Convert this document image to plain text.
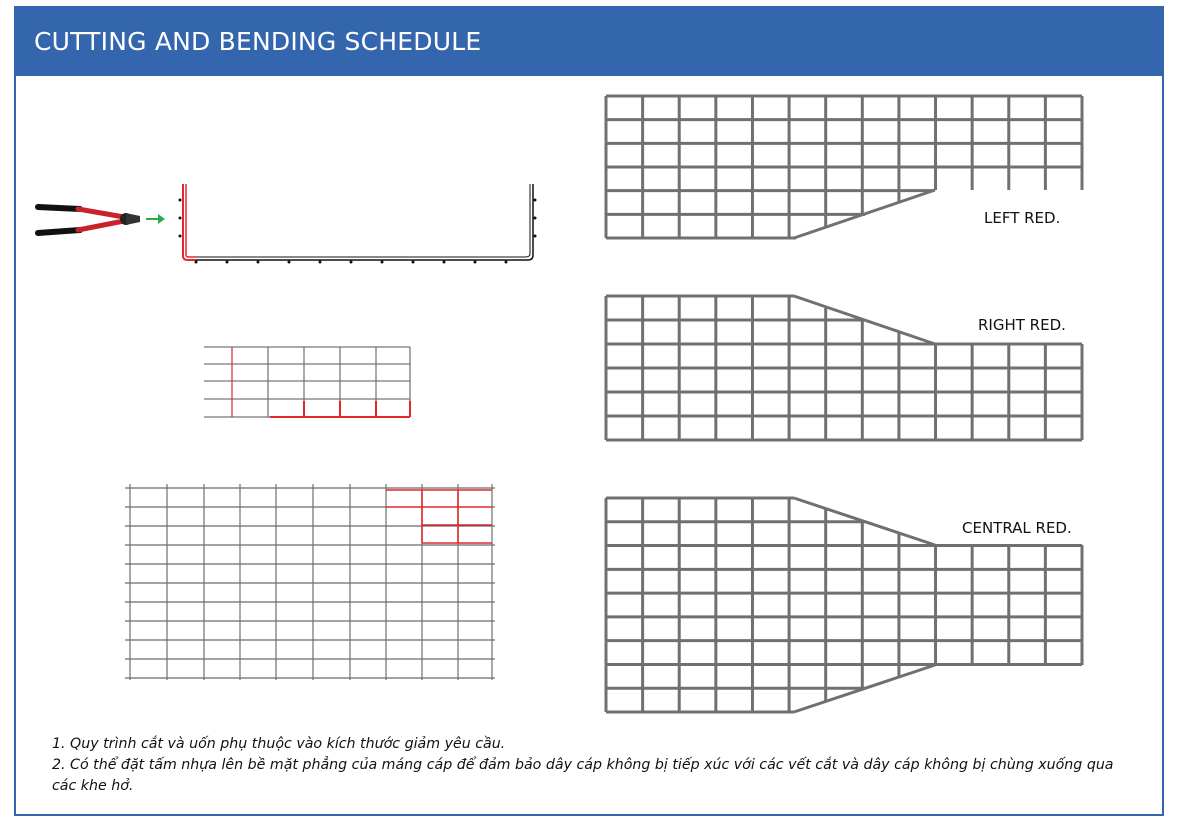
CUTTING AND BENDING SCHEDULE
LEFT RED.
RIGHT RED.
CENTRAL RED.

1. Quy trình cắt và uốn phụ thuộc vào kích thước giảm yêu cầu.

2. Có thể đặt tấm nhựa lên bề mặt phẳng của máng cáp để đảm bảo dây cáp không bị tiếp xúc với các vết cắt và dây cáp không bị chùng xuống qua các khe hở.
